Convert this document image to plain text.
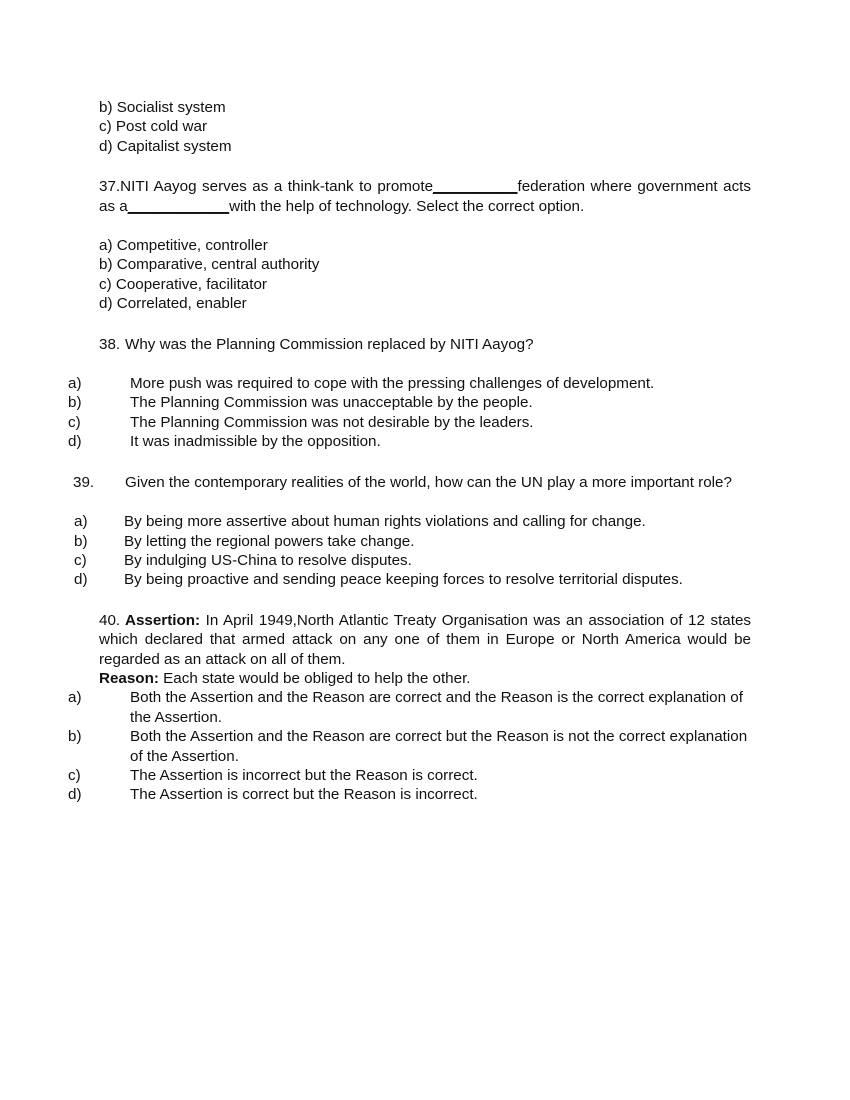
b) Socialist system
c) Post cold war
d) Capitalist system
37.NITI Aayog serves as a think-tank to promote__________federation where government acts as a____________with the help of technology. Select the correct option.
a) Competitive, controller
b) Comparative, central authority
c) Cooperative, facilitator
d) Correlated, enabler
38. Why was the Planning Commission replaced by NITI Aayog?
a)	More push was required to cope with the pressing challenges of development.
b)	The Planning Commission was unacceptable by the people.
c)	The Planning Commission was not desirable by the leaders.
d)	It was inadmissible by the opposition.
39. Given the contemporary realities of the world, how can the UN play a more important role?
a) By being more assertive about human rights violations and calling for change.
b) By letting the regional powers take change.
c) By indulging US-China to resolve disputes.
d) By being proactive and sending peace keeping forces to resolve territorial disputes.
40. Assertion: In April 1949,North Atlantic Treaty Organisation was an association of 12 states which declared that armed attack on any one of them in Europe or North America would be regarded as an attack on all of them.
Reason: Each state would be obliged to help the other.
a)	Both the Assertion and the Reason are correct and the Reason is the correct explanation of the Assertion.
b)	Both the Assertion and the Reason are correct but the Reason is not the correct explanation of the Assertion.
c)	The Assertion is incorrect but the Reason is correct.
d)	The Assertion is correct but the Reason is incorrect.
